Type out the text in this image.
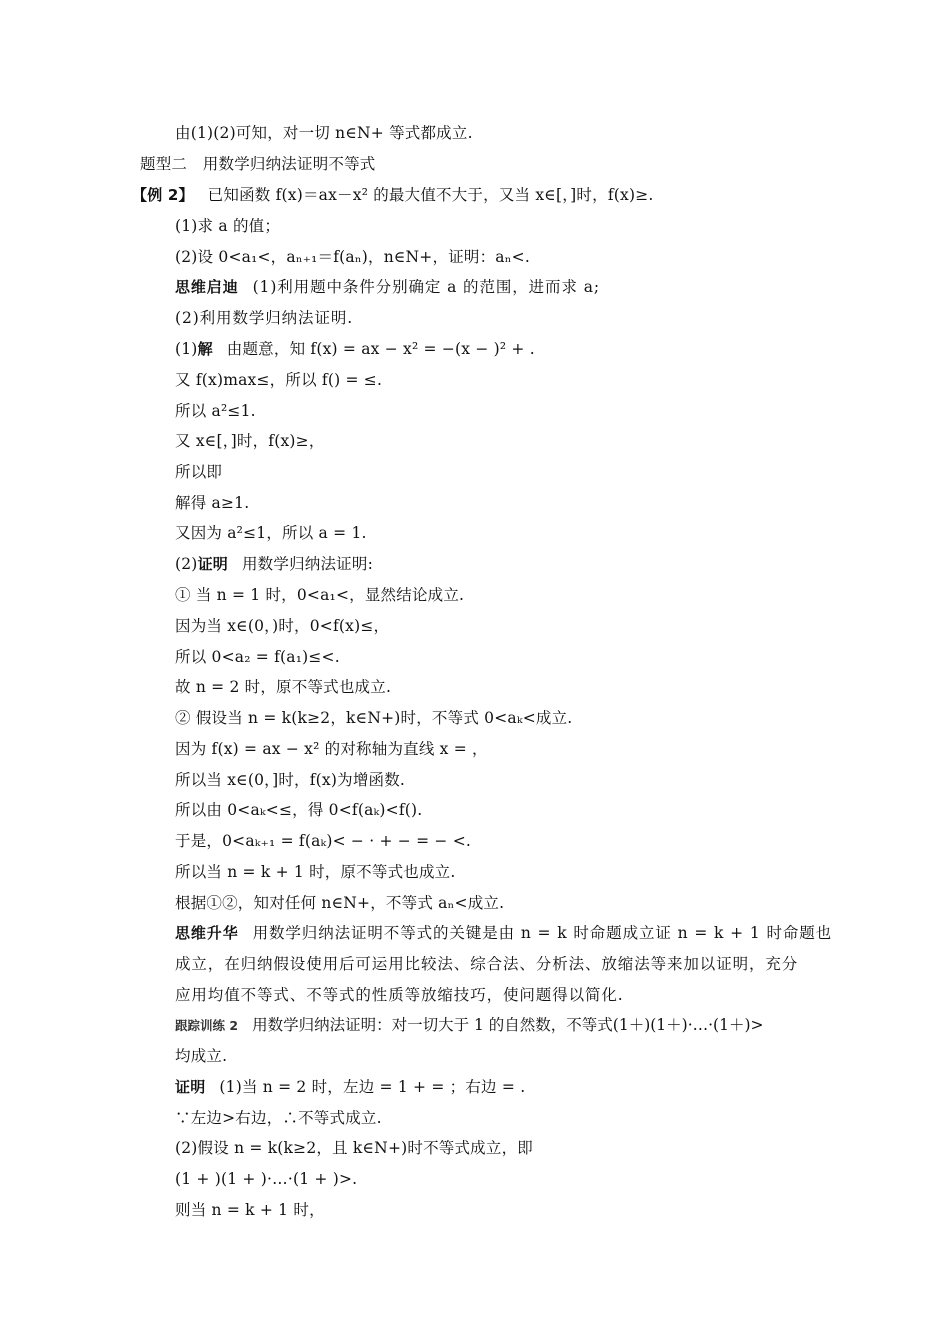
由(1)(2)可知，对一切 n∈N+ 等式都成立.
题型二　用数学归纳法证明不等式
【例 2】 已知函数 f(x)＝ax－x² 的最大值不大于，又当 x∈[，]时，f(x)≥.
(1)求 a 的值；
(2)设 0<a₁<，aₙ₊₁＝f(aₙ)，n∈N+，证明：aₙ<.
思维启迪 (1)利用题中条件分别确定 a 的范围，进而求 a;
(2)利用数学归纳法证明.
(1)解 由题意，知 f(x) = ax − x² = −(x − )² + .
又 f(x)max≤，所以 f() = ≤.
所以 a²≤1.
又 x∈[，]时，f(x)≥，
所以即
解得 a≥1.
又因为 a²≤1，所以 a = 1.
(2)证明 用数学归纳法证明:
① 当 n = 1 时，0<a₁<，显然结论成立.
因为当 x∈(0，)时，0<f(x)≤，
所以 0<a₂ = f(a₁)≤<.
故 n = 2 时，原不等式也成立.
② 假设当 n = k(k≥2，k∈N+)时，不等式 0<aₖ<成立.
因为 f(x) = ax − x² 的对称轴为直线 x = ，
所以当 x∈(0，]时，f(x)为增函数.
所以由 0<aₖ<≤，得 0<f(aₖ)<f().
于是，0<aₖ₊₁ = f(aₖ)< − · + − = − <.
所以当 n = k + 1 时，原不等式也成立.
根据①②，知对任何 n∈N+，不等式 aₙ<成立.
思维升华 用数学归纳法证明不等式的关键是由 n = k 时命题成立证 n = k + 1 时命题也
成立，在归纳假设使用后可运用比较法、综合法、分析法、放缩法等来加以证明，充分
应用均值不等式、不等式的性质等放缩技巧，使问题得以简化.
跟踪训练 2 用数学归纳法证明：对一切大于 1 的自然数，不等式(1＋)(1＋)·…·(1＋)>
均成立.
证明 (1)当 n = 2 时，左边 = 1 + = ；右边 = .
∵左边>右边，∴不等式成立.
(2)假设 n = k(k≥2，且 k∈N+)时不等式成立，即
(1 + )(1 + )·…·(1 + )>.
则当 n = k + 1 时，
